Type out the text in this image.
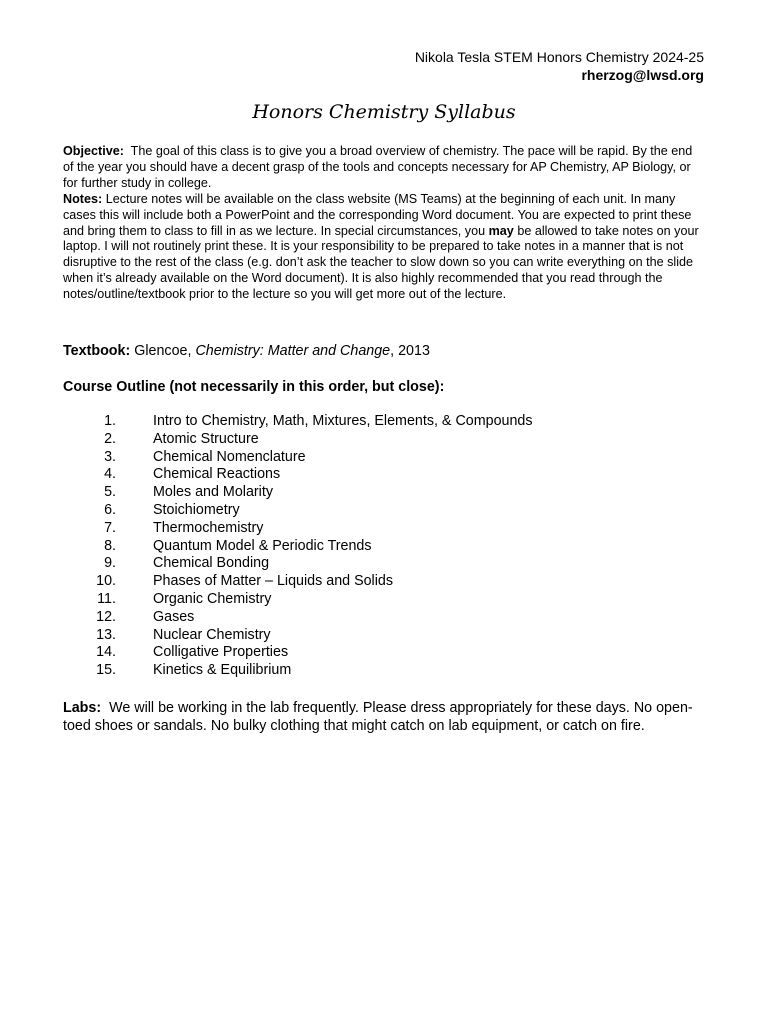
Nikola Tesla STEM Honors Chemistry 2024-25
rherzog@lwsd.org
Honors Chemistry Syllabus
Objective: The goal of this class is to give you a broad overview of chemistry. The pace will be rapid. By the end of the year you should have a decent grasp of the tools and concepts necessary for AP Chemistry, AP Biology, or for further study in college.
Notes: Lecture notes will be available on the class website (MS Teams) at the beginning of each unit. In many cases this will include both a PowerPoint and the corresponding Word document. You are expected to print these and bring them to class to fill in as we lecture. In special circumstances, you may be allowed to take notes on your laptop. I will not routinely print these. It is your responsibility to be prepared to take notes in a manner that is not disruptive to the rest of the class (e.g. don’t ask the teacher to slow down so you can write everything on the slide when it’s already available on the Word document). It is also highly recommended that you read through the notes/outline/textbook prior to the lecture so you will get more out of the lecture.
Textbook: Glencoe, Chemistry: Matter and Change, 2013
Course Outline (not necessarily in this order, but close):
1.	Intro to Chemistry, Math, Mixtures, Elements, & Compounds
2.	Atomic Structure
3.	Chemical Nomenclature
4.	Chemical Reactions
5.	Moles and Molarity
6.	Stoichiometry
7.	Thermochemistry
8.	Quantum Model & Periodic Trends
9.	Chemical Bonding
10.	Phases of Matter – Liquids and Solids
11.	Organic Chemistry
12.	Gases
13.	Nuclear Chemistry
14.	Colligative Properties
15.	Kinetics & Equilibrium
Labs: We will be working in the lab frequently. Please dress appropriately for these days. No open-toed shoes or sandals. No bulky clothing that might catch on lab equipment, or catch on fire.
